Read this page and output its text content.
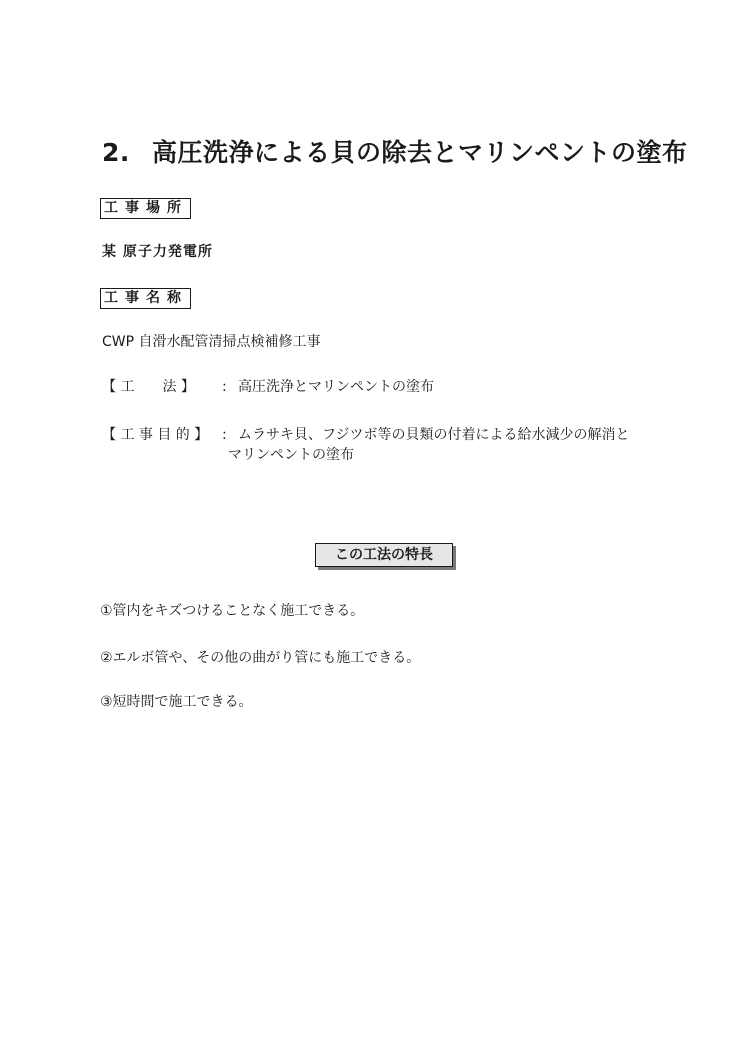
2. 高圧洗浄による貝の除去とマリンペントの塗布
工事場所
某 原子力発電所
工事名称
CWP 自滑水配管清掃点検補修工事
【 工　　法 】 : 高圧洗浄とマリンペントの塗布
【 工 事 目 的 】 : ムラサキ貝、フジツボ等の貝類の付着による給水減少の解消と
マリンペントの塗布
この工法の特長
①管内をキズつけることなく施工できる。
②エルボ管や、その他の曲がり管にも施工できる。
③短時間で施工できる。
